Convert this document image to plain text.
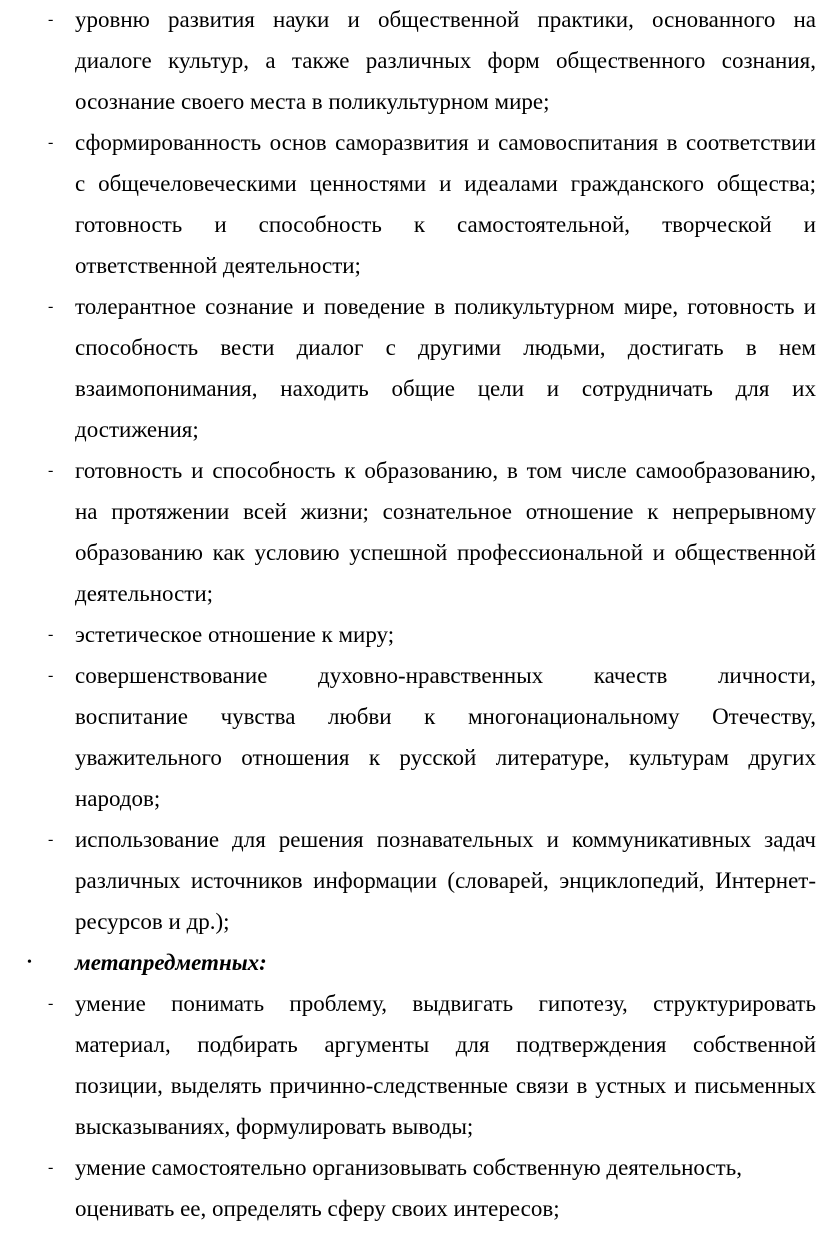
- уровню развития науки и общественной практики, основанного на
диалоге культур, а также различных форм общественного сознания,
осознание своего места в поликультурном мире;
- сформированность основ саморазвития и самовоспитания в соответствии
с общечеловеческими ценностями и идеалами гражданского общества;
готовность и способность к самостоятельной, творческой и
ответственной деятельности;
- толерантное сознание и поведение в поликультурном мире, готовность и
способность вести диалог с другими людьми, достигать в нем
взаимопонимания, находить общие цели и сотрудничать для их
достижения;
- готовность и способность к образованию, в том числе самообразованию,
на протяжении всей жизни; сознательное отношение к непрерывному
образованию как условию успешной профессиональной и общественной
деятельности;
- эстетическое отношение к миру;
- совершенствование духовно-нравственных качеств личности,
воспитание чувства любви к многонациональному Отечеству,
уважительного отношения к русской литературе, культурам других
народов;
- использование для решения познавательных и коммуникативных задач
различных источников информации (словарей, энциклопедий, Интернет-
ресурсов и др.);
•	метапредметных:
- умение понимать проблему, выдвигать гипотезу, структурировать
материал, подбирать аргументы для подтверждения собственной
позиции, выделять причинно-следственные связи в устных и письменных
высказываниях, формулировать выводы;
- умение самостоятельно организовывать собственную деятельность,
оценивать ее, определять сферу своих интересов;
